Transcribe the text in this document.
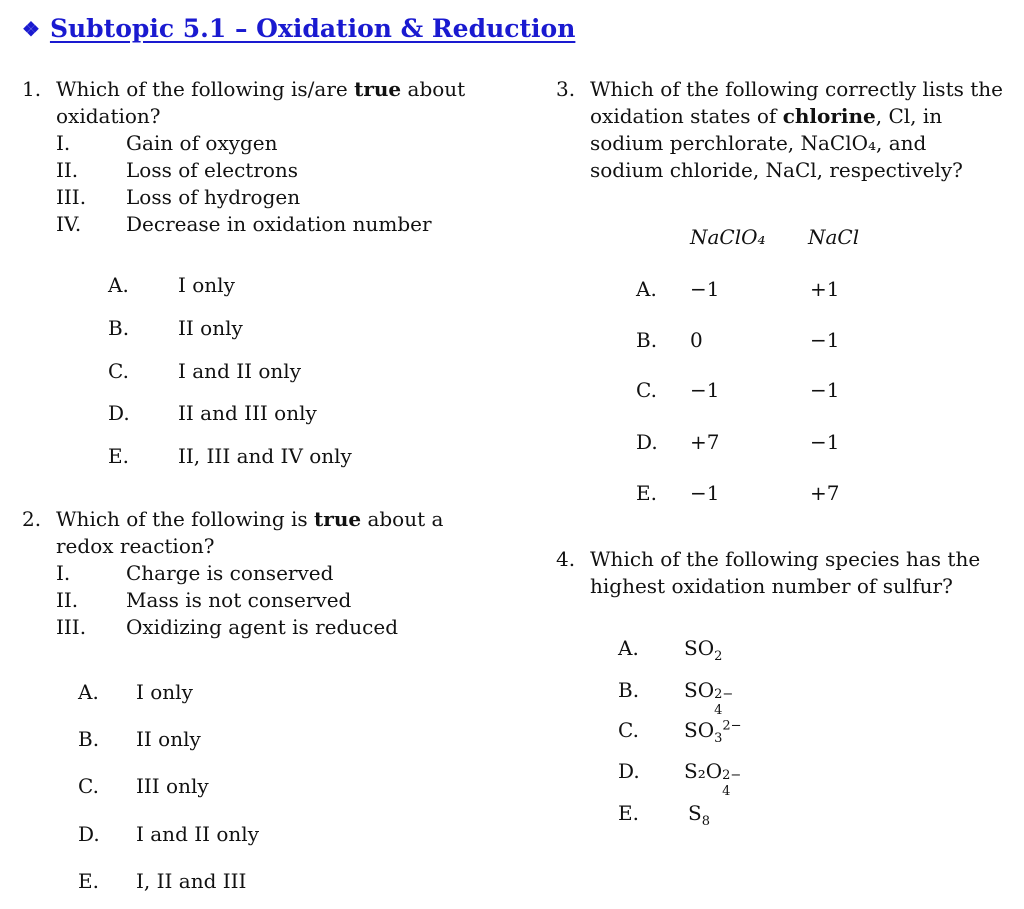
❖ Subtopic 5.1 – Oxidation & Reduction
1. Which of the following is/are true about oxidation?
I.	Gain of oxygen
II.	Loss of electrons
III.	Loss of hydrogen
IV.	Decrease in oxidation number
A.	I only
B.	II only
C.	I and II only
D.	II and III only
E.	II, III and IV only
2. Which of the following is true about a redox reaction?
I.	Charge is conserved
II.	Mass is not conserved
III.	Oxidizing agent is reduced
A.	I only
B.	II only
C.	III only
D.	I and II only
E.	I, II and III
3. Which of the following correctly lists the oxidation states of chlorine, Cl, in sodium perchlorate, NaClO₄, and sodium chloride, NaCl, respectively?
NaClO₄ NaCl
A. −1	+1
B. 0	−1
C. −1	−1
D. +7	−1
E. −1	+7
4. Which of the following species has the highest oxidation number of sulfur?
A.	$SO_2$
B.	SO 2−
4
C.	$SO_3^{2-}$
D.	S₂O 2−
4
E.	$S_8$
